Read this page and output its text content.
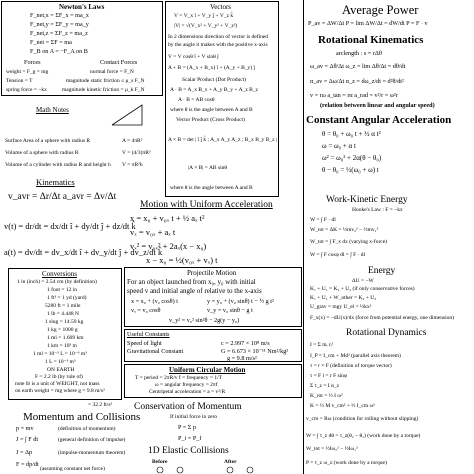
Newton's Laws
F_net,x = ΣF_x = ma_x
F_net,y = ΣF_y = ma_y
F_net,z = ΣF_z = ma_z
F_net = ΣF = ma
F_B on A = −F_A on B
Forces	Contact Forces
weight = F_g = mg	normal force = F_N
Tension = T	magnitude static friction ≤ μ_s F_N
spring force = −kx	magnitude kinetic friction = μ_k F_N
Math Notes
Surface Area of a sphere with radius R	A = 4πR²
Volume of a sphere with radius R	V = (4/3)πR³
Volume of a cylinder with radius R and height h V = πR²h
Kinematics
v_avr = Δr/Δt a_avr = Δv/Δt
v(t) = dr/dt = dx/dt î + dy/dt ĵ + dz/dt k̂
a(t) = dv/dt = dv_x/dt î + dv_y/dt ĵ + dv_z/dt k̂
Conversions
1 in (inch) = 2.54 cm (by definition)
1 foot = 12 in
1 ft³ = 1 yd (yard)
5280 ft = 1 mile
1 lb = 4.448 N
1 slug = 14.59 kg
1 kg = 1000 g
1 mi = 1.609 km
1 km = 10³ m
1 ml = 10⁻³ L = 10⁻⁶ m³
1 L = 10⁻³ m³
ON EARTH
F = 2.2 lb (by rule of)
note lb is a unit of WEIGHT, not mass
on earth weight = mg where g = 9.8 m/s²
= 32.2 ft/s²
Momentum and Collisions
p = mv	(definition of momentum)
J = ∫ F dt	(general definition of impulse)
J = Δp	(impulse-momentum theorem)
F = dp/dt
(assuming constant net force)
Vectors
V = V_x î + V_y ĵ + V_z k̂
|V| = √(V_x² + V_y² + V_z²)
In 2 dimensions direction of vector is defined
by the angle it makes with the positive x-axis
V = V cosθ î + V sinθ ĵ
A + B = (A_x + B_x) î + (A_y + B_y) ĵ
Scalar Product (Dot Product)
A · B = A_x B_x + A_y B_y + A_z B_z
A · B = AB cosθ
where θ is the angle between A and B
Vector Product (Cross Product)
A × B = det | î ĵ k̂ ; A_x A_y A_z ; B_x B_y B_z |
|A × B| = AB sinθ
where θ is the angle between A and B
Motion with Uniform Acceleration
x = x₀ + v₀ₓ t + ½ aₓ t²
vₓ = v₀ₓ + aₓ t
vₓ² = v₀ₓ² + 2aₓ(x − x₀)
x − x₀ = ½(v₀ₓ + vₓ) t
Projectile Motion
For an object launched from x₀, y₀ with initial
speed v and initial angle of relative to the x-axis
x = x₀ + (v₀ cosθ) t	y = y₀ + (v₀ sinθ) t − ½ g t²
vₓ = v₀ cosθ	v_y = v₀ sinθ − g t
v_y² = v₀² sin²θ − 2g(y − y₀)
Useful Constants
Speed of light	c = 2.997 × 10⁸ m/s
Gravitational Constant	G = 6.673 × 10⁻¹¹ Nm²/kg²
g = 9.8 m/s²
Uniform Circular Motion
T = period = 2πR/v f = frequency = 1/T
ω = angular frequency = 2πf
Centripetal acceleration = a = v²/R
Conservation of Momentum
If initial force in zero
P = Σ p
P_i = P_f
1D Elastic Collisions
Before	After
Average Power
P_av = ΔW/Δt P = lim ΔW/Δt = dW/dt P = F · v
Rotational Kinematics
arclength : s = rΔθ
ω_av = Δθ/Δt ω_z = lim Δθ/Δt = dθ/dt
α_av = Δω/Δt α_z = dω_z/dt = d²θ/dt²
v = rω a_tan = rα a_rad = v²/r = ω²r
(relation between linear and angular speed)
Constant Angular Acceleration
θ = θ₀ + ω₀ t + ½ α t²
ω = ω₀ + α t
ω² = ω₀² + 2α(θ − θ₀)
θ − θ₀ = ½(ω₀ + ω) t
Work-Kinetic Energy
Hooke's Law : F = −kx
W = ∫ F · dl
W_tot = ΔK = ½mv₂² − ½mv₁²
W_tot = ∫ F_x dx (varying x-force)
W = ∫ F cosφ dl = ∫ F · dl
Energy
ΔU = −W
K₁ + U₁ = K₂ + U₂ (if only conservative forces)
K₁ + U₁ + W_other = K₂ + U₂
U_grav = mgy U_el = ½kx²
F_x(x) = −dU(x)/dx (force from potential energy, one dimension)
Rotational Dynamics
I = Σ mᵢ rᵢ²
I_P = I_cm + Md² (parallel axis theorem)
τ = r × F (definition of torque vector)
τ = F l = r F sinφ
Σ τ_z = I α_z
K_rot = ½ I ω²
K = ½ M v_cm² + ½ I_cm ω²
v_cm = Rω (condition for rolling without slipping)
W = ∫ τ_z dθ = τ_z(θ₂ − θ₁) (work done by a torque)
W_tot = ½Iω₂² − ½Iω₁²
P = τ_z ω_z (work done by a torque)
